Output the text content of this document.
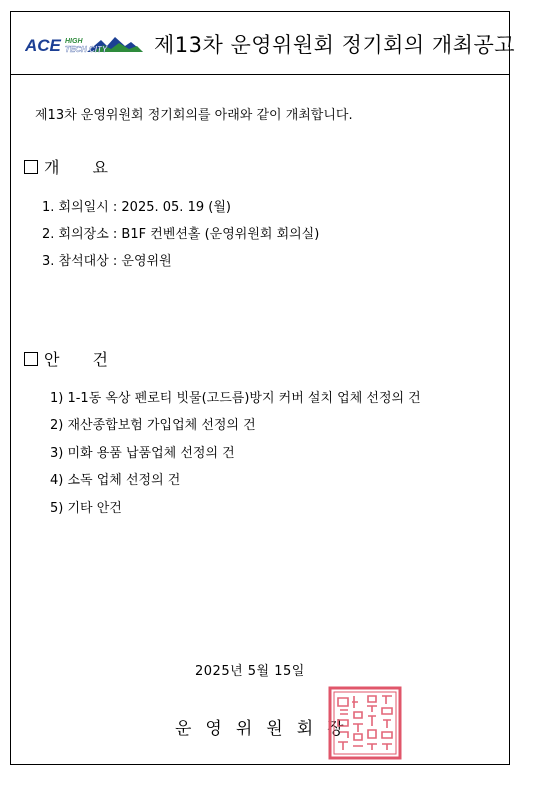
ACE HIGH
TECH CITY 제13차 운영위원회 정기회의 개최공고
제13차 운영위원회 정기회의를 아래와 같이 개최합니다.
개 요
1. 회의일시 : 2025. 05. 19 (월)
2. 회의장소 : B1F 컨벤션홀 (운영위원회 회의실)
3. 참석대상 : 운영위원
안 건
1) 1-1동 옥상 펜로티 빗물(고드름)방지 커버 설치 업체 선정의 건
2) 재산종합보험 가입업체 선정의 건
3) 미화 용품 납품업체 선정의 건
4) 소독 업체 선정의 건
5) 기타 안건
2025년 5월 15일
운영위원회장
